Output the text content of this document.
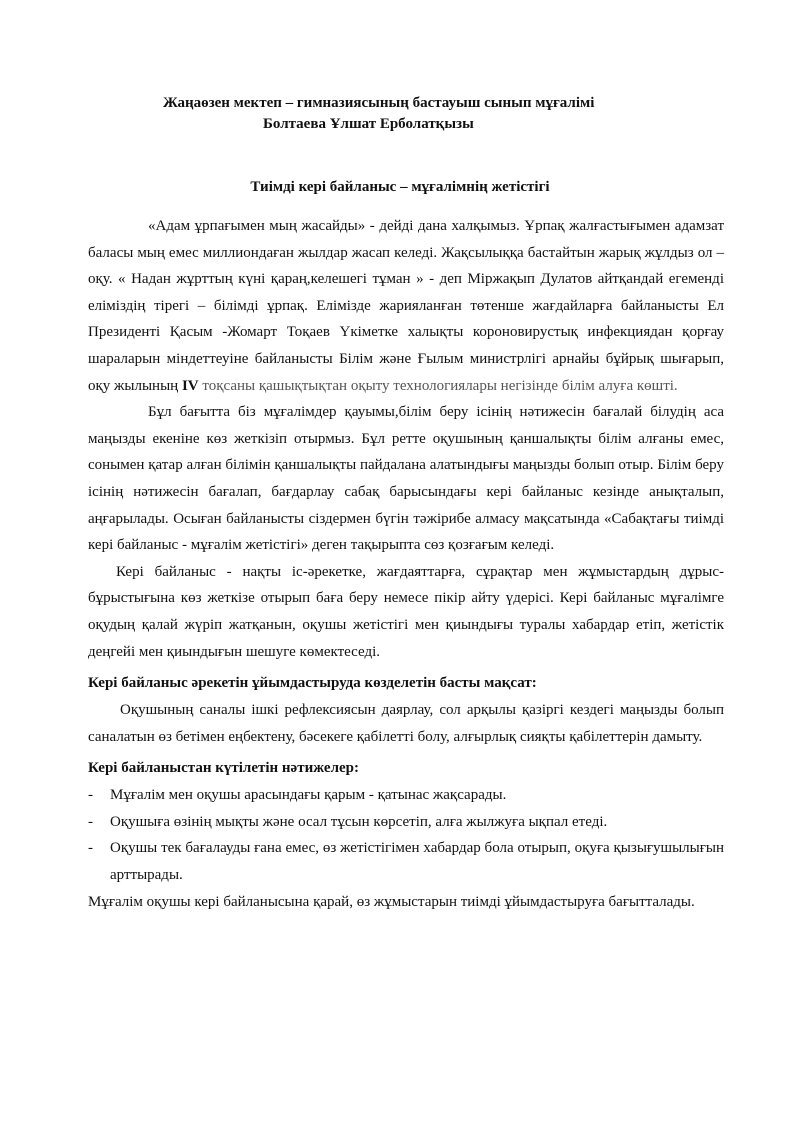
Жаңаөзен мектеп – гимназиясының бастауыш сынып мұғалімі
Болтаева Ұлшат Ерболатқызы
Тиімді кері байланыс – мұғалімнің жетістігі

«Адам ұрпағымен мың жасайды» - дейді дана халқымыз. Ұрпақ жалғастығымен адамзат баласы мың емес миллиондаған жылдар жасап келеді. Жақсылыққа бастайтын жарық жұлдыз ол – оқу. « Надан жұрттың күні қараң,келешегі тұман » - деп Міржақып Дулатов айтқандай егеменді еліміздің тірегі – білімді ұрпақ. Елімізде жарияланған төтенше жағдайларға байланысты Ел Президенті Қасым -Жомарт Тоқаев Үкіметке халықты короновирустық инфекциядан қорғау шараларын міндеттеуіне байланысты Білім және Ғылым министрлігі арнайы бұйрық шығарып, оқу жылының IV тоқсаны қашықтықтан оқыту технологиялары негізінде білім алуға көшті.

Бұл бағытта біз мұғалімдер қауымы,білім беру ісінің нәтижесін бағалай білудің аса маңызды екеніне көз жеткізіп отырмыз. Бұл ретте оқушының қаншалықты білім алғаны емес, сонымен қатар алған білімін қаншалықты пайдалана алатындығы маңызды болып отыр. Білім беру ісінің нәтижесін бағалап, бағдарлау сабақ барысындағы кері байланыс кезінде анықталып, аңғарылады. Осыған байланысты сіздермен бүгін тәжірибе алмасу мақсатында «Сабақтағы тиімді кері байланыс - мұғалім жетістігі» деген тақырыпта сөз қозғағым келеді.

Кері байланыс - нақты іс-әрекетке, жағдаяттарға, сұрақтар мен жұмыстардың дұрыс-бұрыстығына көз жеткізе отырып баға беру немесе пікір айту үдерісі. Кері байланыс мұғалімге оқудың қалай жүріп жатқанын, оқушы жетістігі мен қиындығы туралы хабардар етіп, жетістік деңгейі мен қиындығын шешуге көмектеседі.

Кері байланыс әрекетін ұйымдастыруда көзделетін басты мақсат:

Оқушының саналы ішкі рефлексиясын даярлау, сол арқылы қазіргі кездегі маңызды болып саналатын өз бетімен еңбектену, бәсекеге қабілетті болу, алғырлық сияқты қабілеттерін дамыту.

Кері байланыстан күтілетін нәтижелер:
- Мұғалім мен оқушы арасындағы қарым - қатынас жақсарады.
- Оқушыға өзінің мықты және осал тұсын көрсетіп, алға жылжуға ықпал етеді.
- Оқушы тек бағалауды ғана емес, өз жетістігімен хабардар бола отырып, оқуға қызығушылығын арттырады.

Мұғалім оқушы кері байланысына қарай, өз жұмыстарын тиімді ұйымдастыруға бағытталады.
